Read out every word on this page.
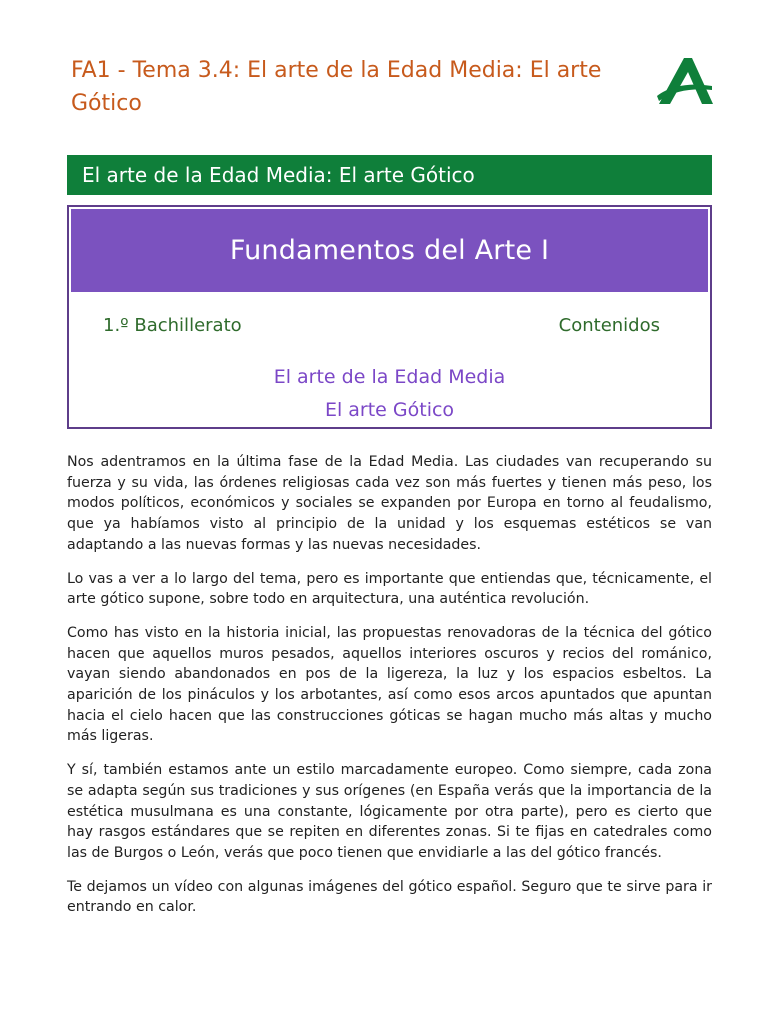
FA1 - Tema 3.4: El arte de la Edad Media: El arte Gótico
El arte de la Edad Media: El arte Gótico
Fundamentos del Arte I
1.º Bachillerato	Contenidos
El arte de la Edad Media
El arte Gótico

Nos adentramos en la última fase de la Edad Media. Las ciudades van recuperando su fuerza y su vida, las órdenes religiosas cada vez son más fuertes y tienen más peso, los modos políticos, económicos y sociales se expanden por Europa en torno al feudalismo, que ya habíamos visto al principio de la unidad y los esquemas estéticos se van adaptando a las nuevas formas y las nuevas necesidades.

Lo vas a ver a lo largo del tema, pero es importante que entiendas que, técnicamente, el arte gótico supone, sobre todo en arquitectura, una auténtica revolución.

Como has visto en la historia inicial, las propuestas renovadoras de la técnica del gótico hacen que aquellos muros pesados, aquellos interiores oscuros y recios del románico, vayan siendo abandonados en pos de la ligereza, la luz y los espacios esbeltos. La aparición de los pináculos y los arbotantes, así como esos arcos apuntados que apuntan hacia el cielo hacen que las construcciones góticas se hagan mucho más altas y mucho más ligeras.

Y sí, también estamos ante un estilo marcadamente europeo. Como siempre, cada zona se adapta según sus tradiciones y sus orígenes (en España verás que la importancia de la estética musulmana es una constante, lógicamente por otra parte), pero es cierto que hay rasgos estándares que se repiten en diferentes zonas. Si te fijas en catedrales como las de Burgos o León, verás que poco tienen que envidiarle a las del gótico francés.

Te dejamos un vídeo con algunas imágenes del gótico español. Seguro que te sirve para ir entrando en calor.
